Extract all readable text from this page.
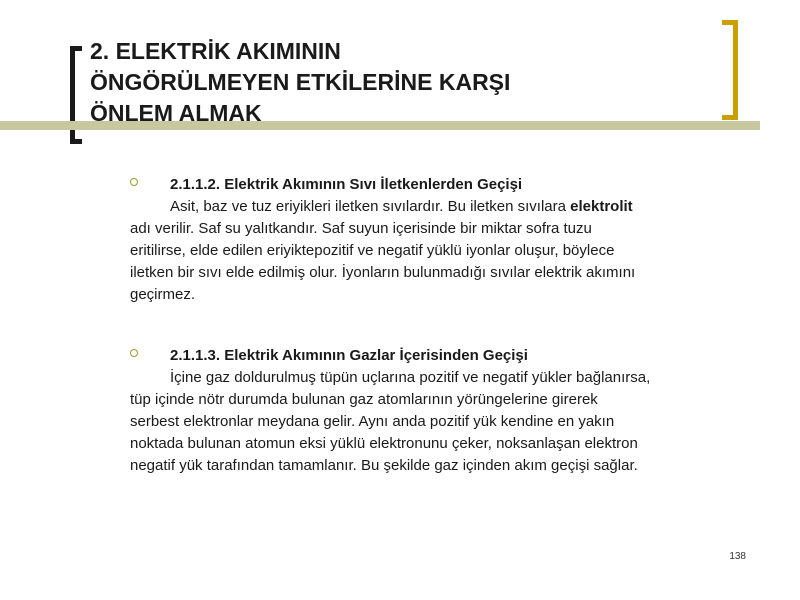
2. ELEKTRİK AKIMININ
ÖNGÖRÜLMEYEN ETKİLERİNE KARŞI
ÖNLEM ALMAK
2.1.1.2. Elektrik Akımının Sıvı İletkenlerden Geçişi
Asit, baz ve tuz eriyikleri iletken sıvılardır. Bu iletken sıvılara elektrolit
adı verilir. Saf su yalıtkandır. Saf suyun içerisinde bir miktar sofra tuzu
eritilirse, elde edilen eriyiktepozitif ve negatif yüklü iyonlar oluşur, böylece
iletken bir sıvı elde edilmiş olur. İyonların bulunmadığı sıvılar elektrik akımını
geçirmez.
2.1.1.3. Elektrik Akımının Gazlar İçerisinden Geçişi
İçine gaz doldurulmuş tüpün uçlarına pozitif ve negatif yükler bağlanırsa,
tüp içinde nötr durumda bulunan gaz atomlarının yörüngelerine girerek
serbest elektronlar meydana gelir. Aynı anda pozitif yük kendine en yakın
noktada bulunan atomun eksi yüklü elektronunu çeker, noksanlaşan elektron
negatif yük tarafından tamamlanır. Bu şekilde gaz içinden akım geçişi sağlar.
138
